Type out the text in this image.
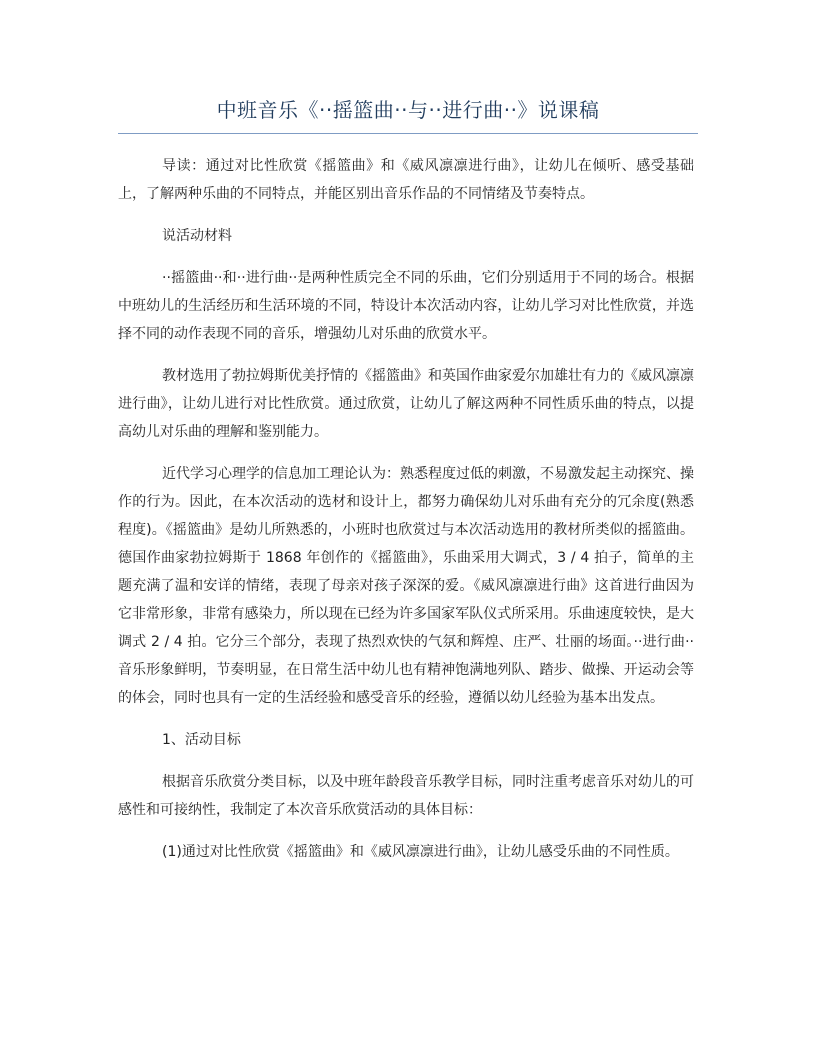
中班音乐《··摇篮曲··与··进行曲··》说课稿

导读：通过对比性欣赏《摇篮曲》和《威风凛凛进行曲》，让幼儿在倾听、感受基础上，了解两种乐曲的不同特点，并能区别出音乐作品的不同情绪及节奏特点。

说活动材料

··摇篮曲··和··进行曲··是两种性质完全不同的乐曲，它们分别适用于不同的场合。根据中班幼儿的生活经历和生活环境的不同，特设计本次活动内容，让幼儿学习对比性欣赏，并选择不同的动作表现不同的音乐，增强幼儿对乐曲的欣赏水平。

教材选用了勃拉姆斯优美抒情的《摇篮曲》和英国作曲家爱尔加雄壮有力的《威风凛凛进行曲》，让幼儿进行对比性欣赏。通过欣赏，让幼儿了解这两种不同性质乐曲的特点，以提高幼儿对乐曲的理解和鉴别能力。

近代学习心理学的信息加工理论认为：熟悉程度过低的刺激，不易激发起主动探究、操作的行为。因此，在本次活动的选材和设计上，都努力确保幼儿对乐曲有充分的冗余度(熟悉程度)。《摇篮曲》是幼儿所熟悉的，小班时也欣赏过与本次活动选用的教材所类似的摇篮曲。德国作曲家勃拉姆斯于 1868 年创作的《摇篮曲》，乐曲采用大调式，3 / 4 拍子，简单的主题充满了温和安详的情绪，表现了母亲对孩子深深的爱。《威风凛凛进行曲》这首进行曲因为它非常形象，非常有感染力，所以现在已经为许多国家军队仪式所采用。乐曲速度较快，是大调式 2 / 4 拍。它分三个部分，表现了热烈欢快的气氛和辉煌、庄严、壮丽的场面。··进行曲··音乐形象鲜明，节奏明显，在日常生活中幼儿也有精神饱满地列队、踏步、做操、开运动会等的体会，同时也具有一定的生活经验和感受音乐的经验，遵循以幼儿经验为基本出发点。

1、活动目标

根据音乐欣赏分类目标，以及中班年龄段音乐教学目标，同时注重考虑音乐对幼儿的可感性和可接纳性，我制定了本次音乐欣赏活动的具体目标：

(1)通过对比性欣赏《摇篮曲》和《威风凛凛进行曲》，让幼儿感受乐曲的不同性质。
